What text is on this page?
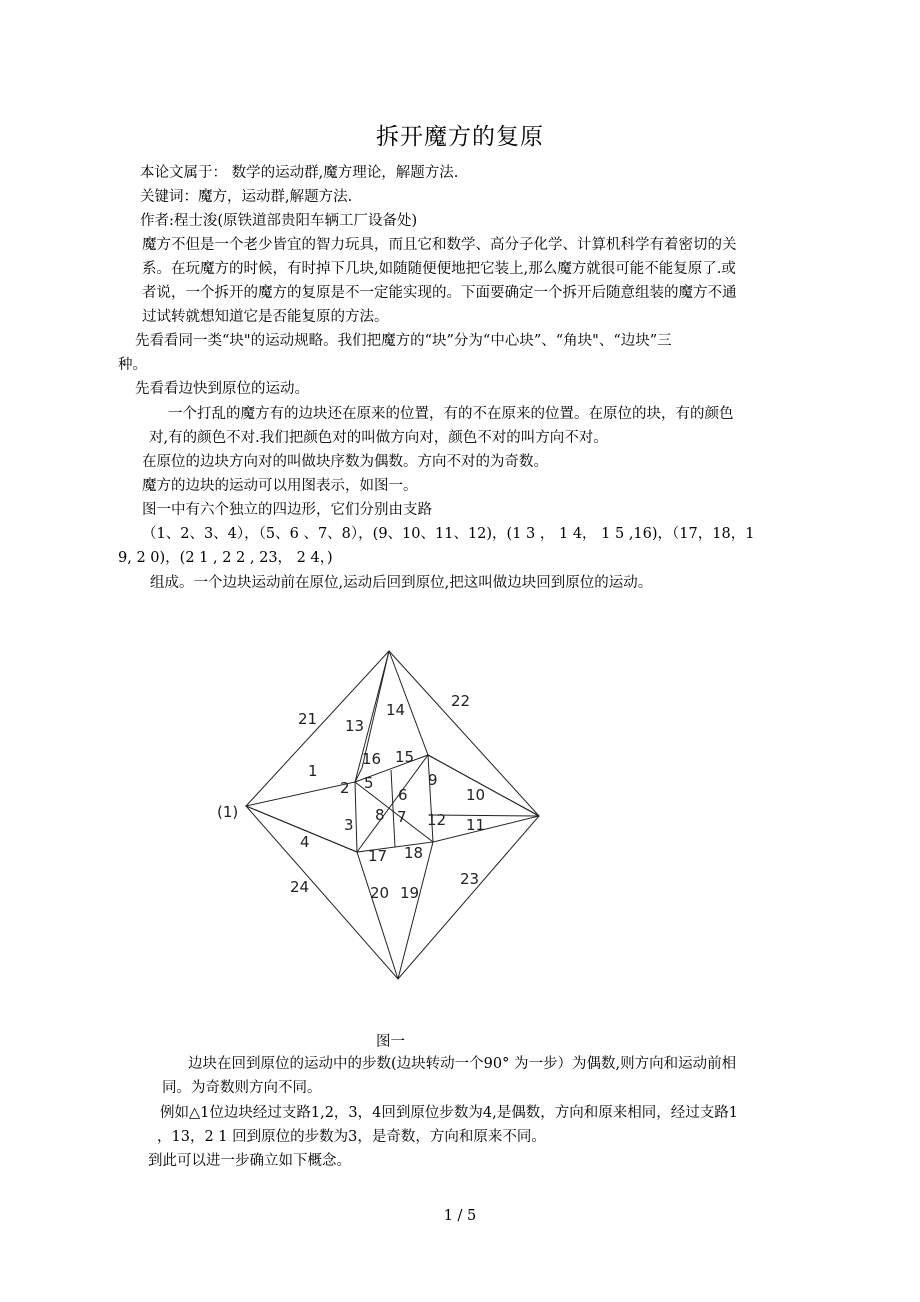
拆开魔方的复原
本论文属于： 数学的运动群,魔方理论，解题方法.
关键词：魔方，运动群,解题方法.
作者:程士浚(原铁道部贵阳车辆工厂设备处)
魔方不但是一个老少皆宜的智力玩具，而且它和数学、高分子化学、计算机科学有着密切的关
系。在玩魔方的时候，有时掉下几块,如随随便便地把它装上,那么魔方就很可能不能复原了.或
者说，一个拆开的魔方的复原是不一定能实现的。下面要确定一个拆开后随意组装的魔方不通
过试转就想知道它是否能复原的方法。
先看看同一类“块"的运动规略。我们把魔方的“块”分为“中心块”、“角块"、“边块”三
种。
先看看边快到原位的运动。
一个打乱的魔方有的边块还在原来的位置，有的不在原来的位置。在原位的块，有的颜色
对,有的颜色不对.我们把颜色对的叫做方向对，颜色不对的叫方向不对。
在原位的边块方向对的叫做块序数为偶数。方向不对的为奇数。
魔方的边块的运动可以用图表示，如图一。
图一中有六个独立的四边形，它们分别由支路
（1、2、3、4），（5、6 、7、8），(9、10、11、12)，(1 3 ， 1 4， 1 5 ,16)，（17，18，1
9, 2 0)，(2 1 , 2 2 , 23， 2 4，)
组成。一个边块运动前在原位,运动后回到原位,把这叫做边块回到原位的运动。
(1)
1
2
3
4
5
6
7
8
9
10
11
12
13
14
15
16
17 18
19
20
21
22
23
24
图一
边块在回到原位的运动中的步数(边块转动一个90° 为一步）为偶数,则方向和运动前相
同。为奇数则方向不同。
例如△1位边块经过支路1,2，3，4回到原位步数为4,是偶数，方向和原来相同，经过支路1
，13，2 1 回到原位的步数为3，是奇数，方向和原来不同。
到此可以进一步确立如下概念。
1 / 5
